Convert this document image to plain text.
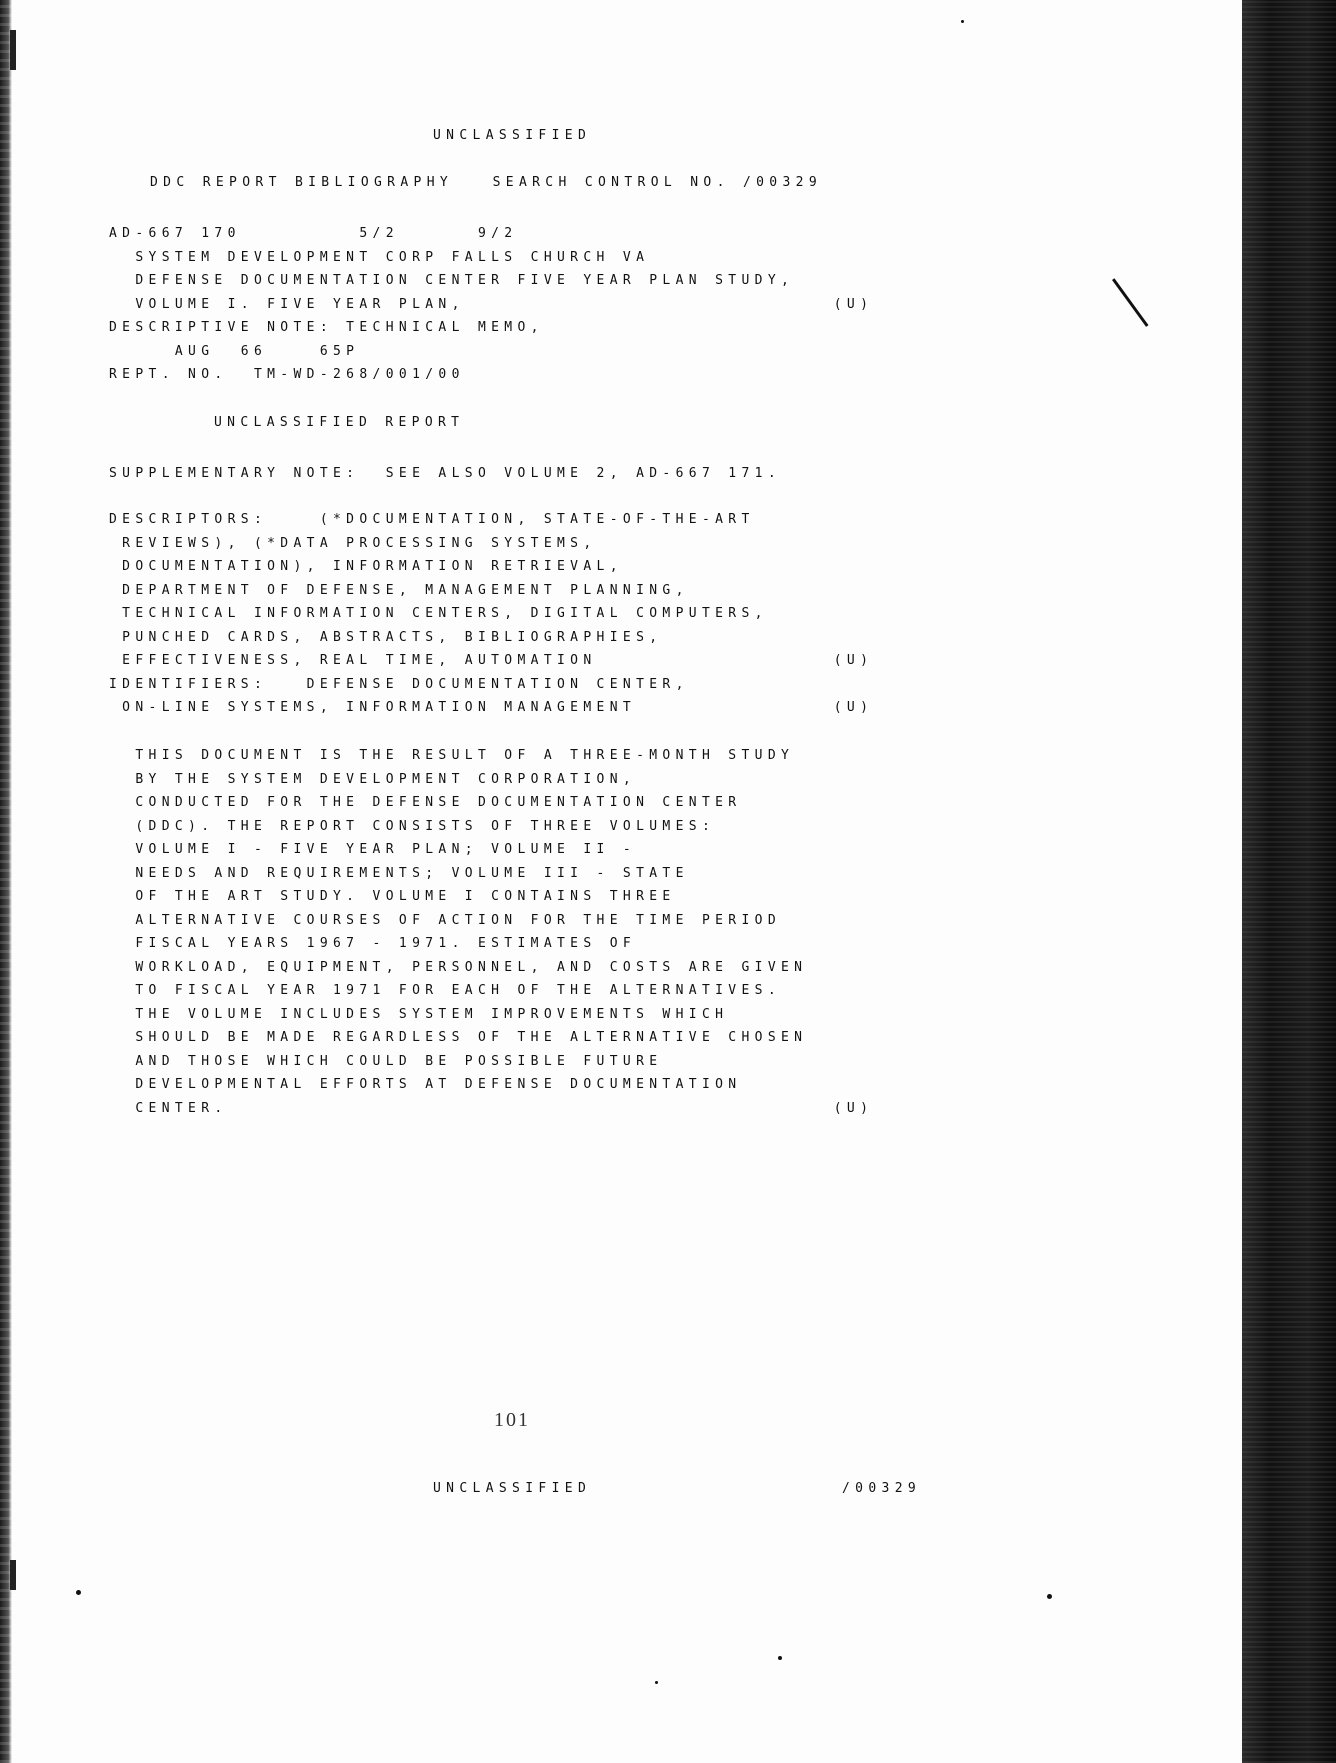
UNCLASSIFIED

DDC REPORT BIBLIOGRAPHY   SEARCH CONTROL NO. /00329

AD-667 170         5/2      9/2
SYSTEM DEVELOPMENT CORP FALLS CHURCH VA
DEFENSE DOCUMENTATION CENTER FIVE YEAR PLAN STUDY,
VOLUME I. FIVE YEAR PLAN,                            (U)
DESCRIPTIVE NOTE: TECHNICAL MEMO,
AUG  66    65P
REPT. NO.  TM-WD-268/001/00

UNCLASSIFIED REPORT

SUPPLEMENTARY NOTE:  SEE ALSO VOLUME 2, AD-667 171.

DESCRIPTORS:    (*DOCUMENTATION, STATE-OF-THE-ART
REVIEWS), (*DATA PROCESSING SYSTEMS,
DOCUMENTATION), INFORMATION RETRIEVAL,
DEPARTMENT OF DEFENSE, MANAGEMENT PLANNING,
TECHNICAL INFORMATION CENTERS, DIGITAL COMPUTERS,
PUNCHED CARDS, ABSTRACTS, BIBLIOGRAPHIES,
EFFECTIVENESS, REAL TIME, AUTOMATION                  (U)
IDENTIFIERS:   DEFENSE DOCUMENTATION CENTER,
ON-LINE SYSTEMS, INFORMATION MANAGEMENT               (U)
THIS DOCUMENT IS THE RESULT OF A THREE-MONTH STUDY
BY THE SYSTEM DEVELOPMENT CORPORATION,
CONDUCTED FOR THE DEFENSE DOCUMENTATION CENTER
(DDC). THE REPORT CONSISTS OF THREE VOLUMES:
VOLUME I - FIVE YEAR PLAN; VOLUME II -
NEEDS AND REQUIREMENTS; VOLUME III - STATE
OF THE ART STUDY. VOLUME I CONTAINS THREE
ALTERNATIVE COURSES OF ACTION FOR THE TIME PERIOD
FISCAL YEARS 1967 - 1971. ESTIMATES OF
WORKLOAD, EQUIPMENT, PERSONNEL, AND COSTS ARE GIVEN
TO FISCAL YEAR 1971 FOR EACH OF THE ALTERNATIVES.
THE VOLUME INCLUDES SYSTEM IMPROVEMENTS WHICH
SHOULD BE MADE REGARDLESS OF THE ALTERNATIVE CHOSEN
AND THOSE WHICH COULD BE POSSIBLE FUTURE
DEVELOPMENTAL EFFORTS AT DEFENSE DOCUMENTATION
CENTER.                                              (U)
101

UNCLASSIFIED	/00329
